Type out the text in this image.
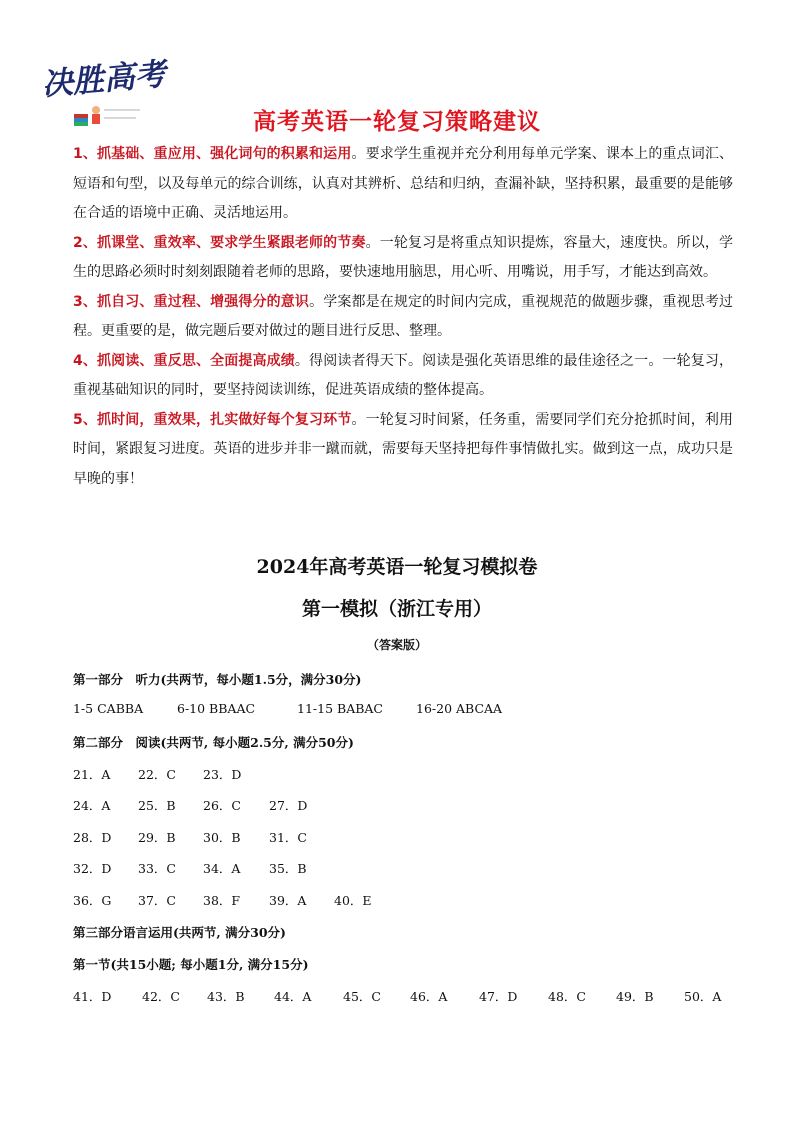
决胜高考
高考英语一轮复习策略建议

1、抓基础、重应用、强化词句的积累和运用。要求学生重视并充分利用每单元学案、课本上的重点词汇、短语和句型，以及每单元的综合训练，认真对其辨析、总结和归纳，查漏补缺，坚持积累，最重要的是能够在合适的语境中正确、灵活地运用。

2、抓课堂、重效率、要求学生紧跟老师的节奏。一轮复习是将重点知识提炼，容量大，速度快。所以，学生的思路必须时时刻刻跟随着老师的思路，要快速地用脑思，用心听、用嘴说，用手写，才能达到高效。

3、抓自习、重过程、增强得分的意识。学案都是在规定的时间内完成，重视规范的做题步骤，重视思考过程。更重要的是，做完题后要对做过的题目进行反思、整理。

4、抓阅读、重反思、全面提高成绩。得阅读者得天下。阅读是强化英语思维的最佳途径之一。一轮复习，重视基础知识的同时，要坚持阅读训练，促进英语成绩的整体提高。

5、抓时间，重效果，扎实做好每个复习环节。一轮复习时间紧，任务重，需要同学们充分抢抓时间，利用时间，紧跟复习进度。英语的进步并非一蹴而就，需要每天坚持把每件事情做扎实。做到这一点，成功只是早晚的事！

2024年高考英语一轮复习模拟卷
第一模拟（浙江专用）
（答案版）
第一部分　听力(共两节，每小题1.5分，满分30分)
1-5 CABBA	6-10 BBAAC	11-15 BABAC	16-20 ABCAA
第二部分　阅读(共两节, 每小题2.5分, 满分50分)
21．A 22．C 23．D
24．A 25．B 26．C 27．D
28．D 29．B 30．B 31．C
32．D 33．C 34．A 35．B
36．G 37．C 38．F 39．A 40．E
第三部分语言运用(共两节, 满分30分)
第一节(共15小题; 每小题1分, 满分15分)
41．D 42．C 43．B 44．A	45．C 46．A	47．D 48．C 49．B 50．A
